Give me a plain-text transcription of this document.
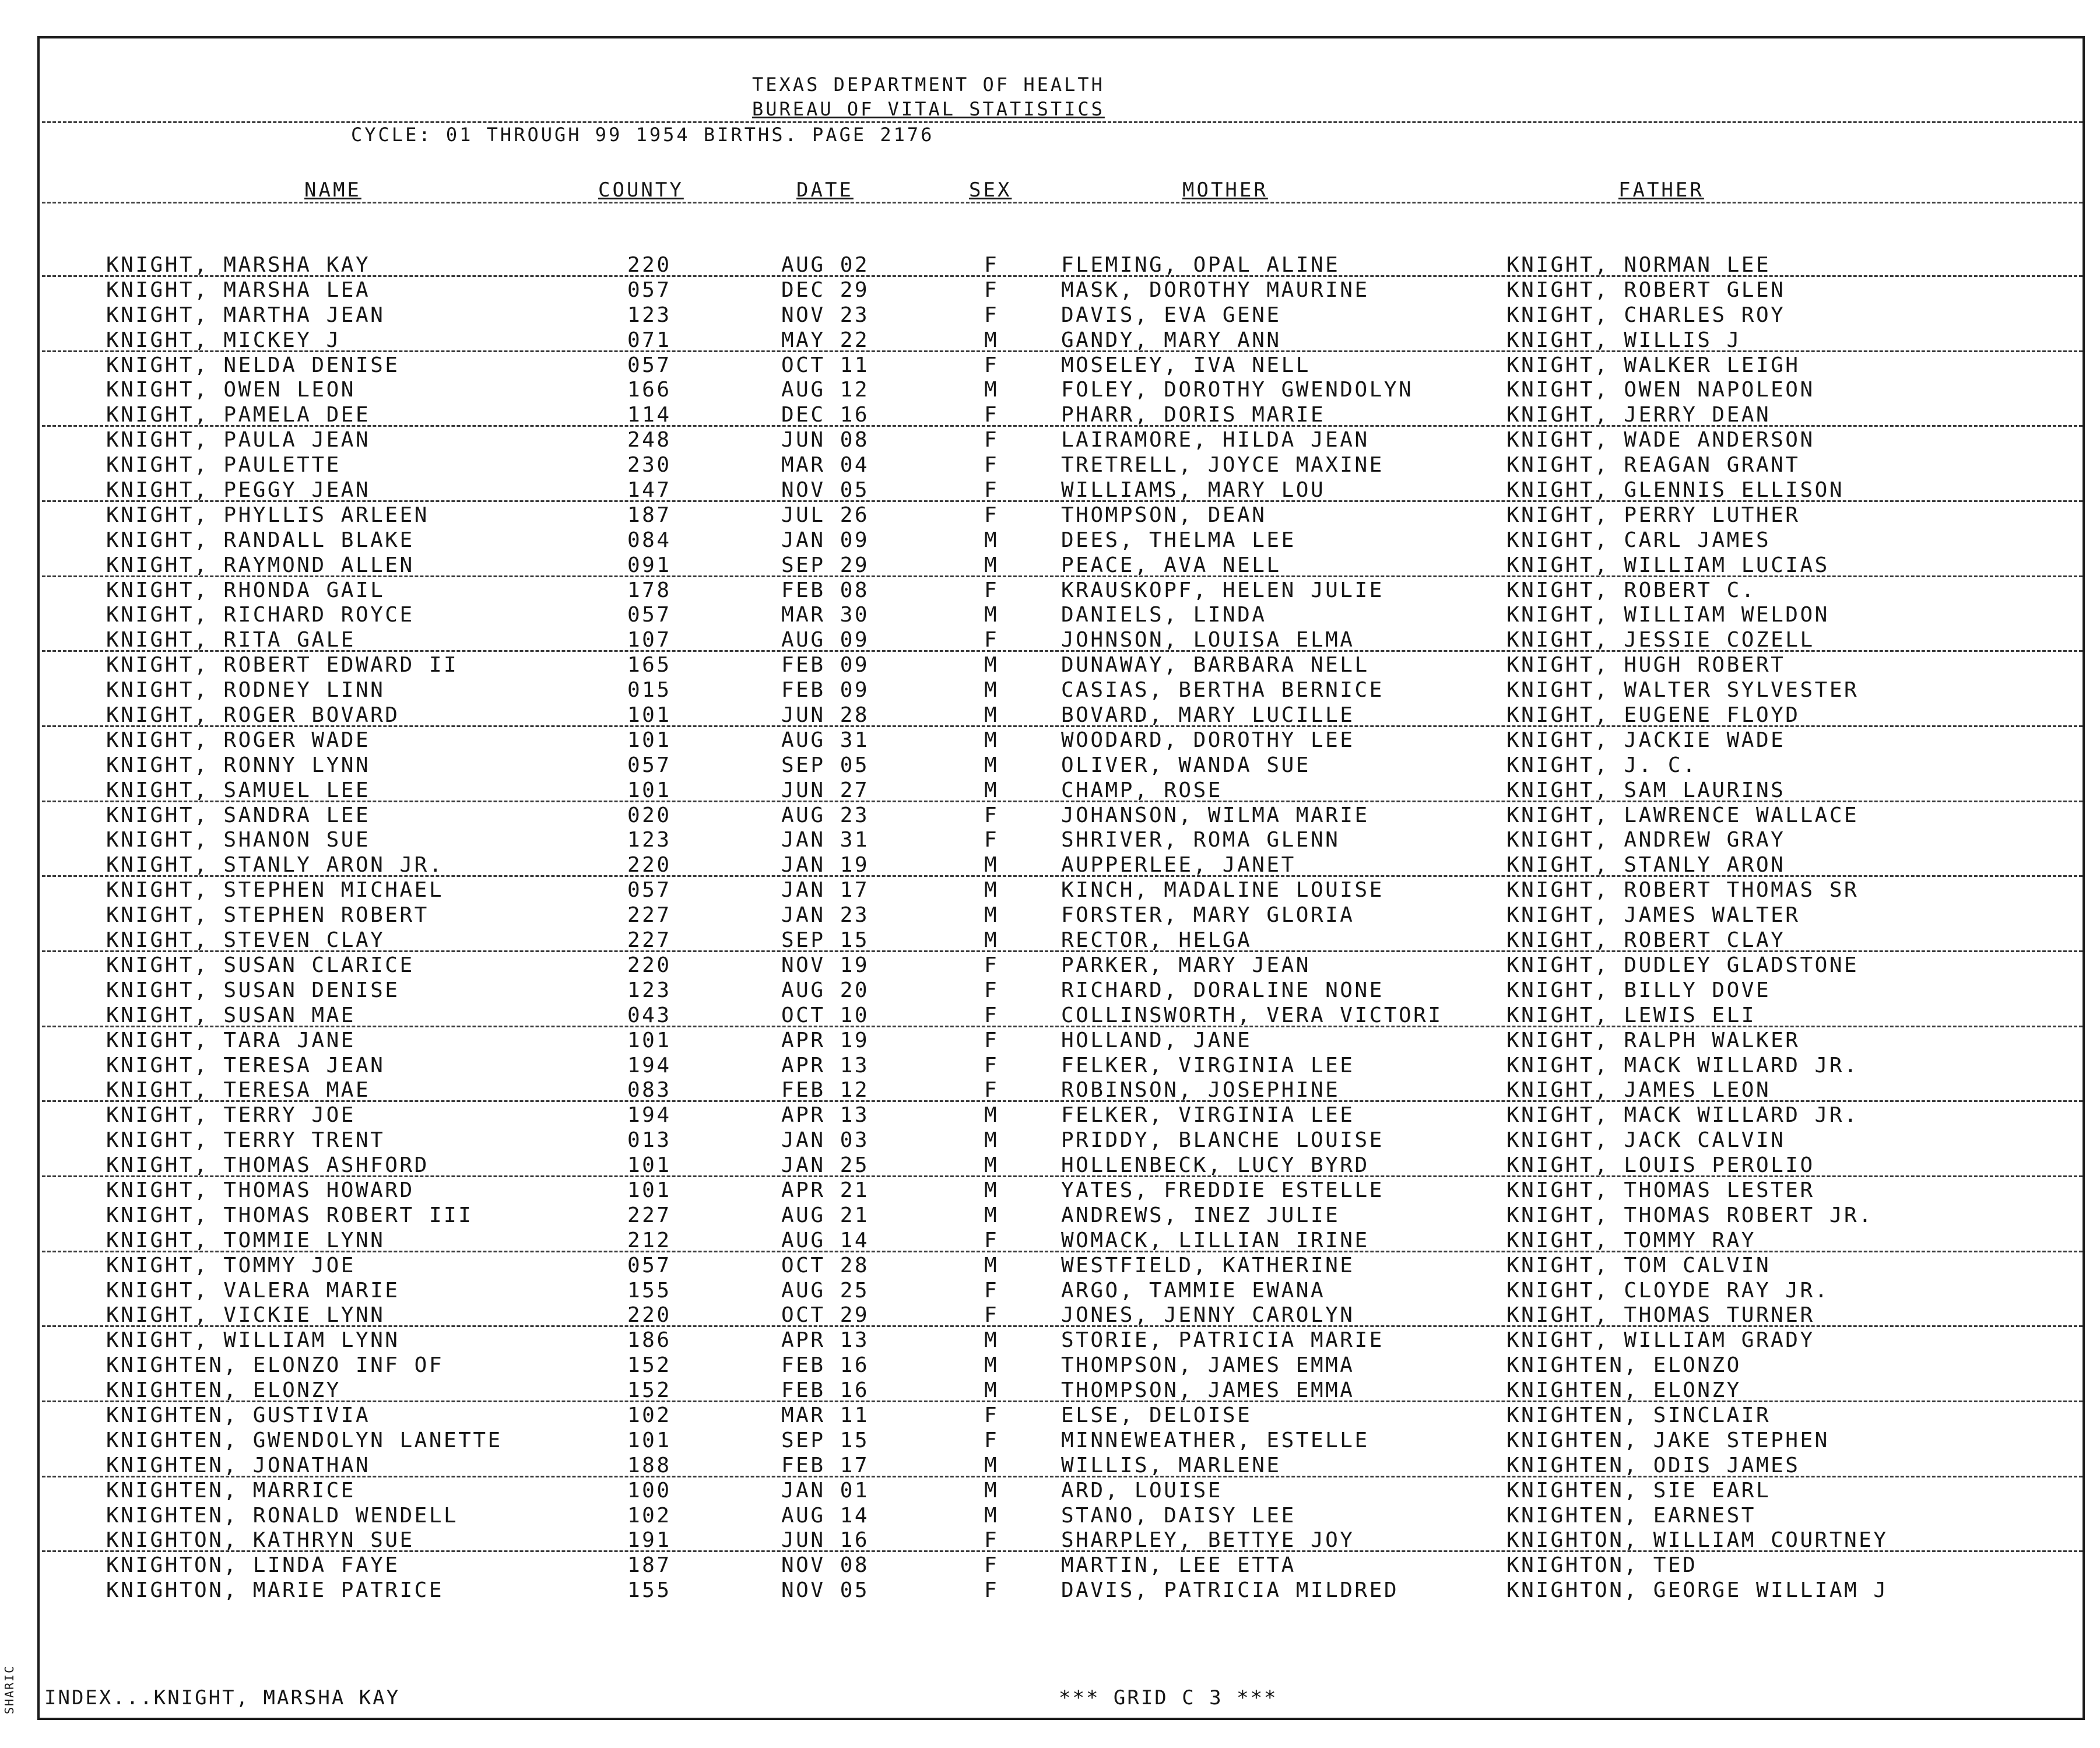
TEXAS DEPARTMENT OF HEALTH
BUREAU OF VITAL STATISTICS
CYCLE: 01 THROUGH 99 1954 BIRTHS. PAGE 2176
NAME	COUNTY	DATE	SEX	MOTHER	FATHER
KNIGHT, MARSHA KAY	220	AUG 02	F	FLEMING, OPAL ALINE	KNIGHT, NORMAN LEE
KNIGHT, MARSHA LEA	057	DEC 29	F	MASK, DOROTHY MAURINE	KNIGHT, ROBERT GLEN
KNIGHT, MARTHA JEAN	123	NOV 23	F	DAVIS, EVA GENE	KNIGHT, CHARLES ROY
KNIGHT, MICKEY J	071	MAY 22	M	GANDY, MARY ANN	KNIGHT, WILLIS J
KNIGHT, NELDA DENISE	057	OCT 11	F	MOSELEY, IVA NELL	KNIGHT, WALKER LEIGH
KNIGHT, OWEN LEON	166	AUG 12	M	FOLEY, DOROTHY GWENDOLYN	KNIGHT, OWEN NAPOLEON
KNIGHT, PAMELA DEE	114	DEC 16	F	PHARR, DORIS MARIE	KNIGHT, JERRY DEAN
KNIGHT, PAULA JEAN	248	JUN 08	F	LAIRAMORE, HILDA JEAN	KNIGHT, WADE ANDERSON
KNIGHT, PAULETTE	230	MAR 04	F	TRETRELL, JOYCE MAXINE	KNIGHT, REAGAN GRANT
KNIGHT, PEGGY JEAN	147	NOV 05	F	WILLIAMS, MARY LOU	KNIGHT, GLENNIS ELLISON
KNIGHT, PHYLLIS ARLEEN	187	JUL 26	F	THOMPSON, DEAN	KNIGHT, PERRY LUTHER
KNIGHT, RANDALL BLAKE	084	JAN 09	M	DEES, THELMA LEE	KNIGHT, CARL JAMES
KNIGHT, RAYMOND ALLEN	091	SEP 29	M	PEACE, AVA NELL	KNIGHT, WILLIAM LUCIAS
KNIGHT, RHONDA GAIL	178	FEB 08	F	KRAUSKOPF, HELEN JULIE	KNIGHT, ROBERT C.
KNIGHT, RICHARD ROYCE	057	MAR 30	M	DANIELS, LINDA	KNIGHT, WILLIAM WELDON
KNIGHT, RITA GALE	107	AUG 09	F	JOHNSON, LOUISA ELMA	KNIGHT, JESSIE COZELL
KNIGHT, ROBERT EDWARD II	165	FEB 09	M	DUNAWAY, BARBARA NELL	KNIGHT, HUGH ROBERT
KNIGHT, RODNEY LINN	015	FEB 09	M	CASIAS, BERTHA BERNICE	KNIGHT, WALTER SYLVESTER
KNIGHT, ROGER BOVARD	101	JUN 28	M	BOVARD, MARY LUCILLE	KNIGHT, EUGENE FLOYD
KNIGHT, ROGER WADE	101	AUG 31	M	WOODARD, DOROTHY LEE	KNIGHT, JACKIE WADE
KNIGHT, RONNY LYNN	057	SEP 05	M	OLIVER, WANDA SUE	KNIGHT, J. C.
KNIGHT, SAMUEL LEE	101	JUN 27	M	CHAMP, ROSE	KNIGHT, SAM LAURINS
KNIGHT, SANDRA LEE	020	AUG 23	F	JOHANSON, WILMA MARIE	KNIGHT, LAWRENCE WALLACE
KNIGHT, SHANON SUE	123	JAN 31	F	SHRIVER, ROMA GLENN	KNIGHT, ANDREW GRAY
KNIGHT, STANLY ARON JR.	220	JAN 19	M	AUPPERLEE, JANET	KNIGHT, STANLY ARON
KNIGHT, STEPHEN MICHAEL	057	JAN 17	M	KINCH, MADALINE LOUISE	KNIGHT, ROBERT THOMAS SR
KNIGHT, STEPHEN ROBERT	227	JAN 23	M	FORSTER, MARY GLORIA	KNIGHT, JAMES WALTER
KNIGHT, STEVEN CLAY	227	SEP 15	M	RECTOR, HELGA	KNIGHT, ROBERT CLAY
KNIGHT, SUSAN CLARICE	220	NOV 19	F	PARKER, MARY JEAN	KNIGHT, DUDLEY GLADSTONE
KNIGHT, SUSAN DENISE	123	AUG 20	F	RICHARD, DORALINE NONE	KNIGHT, BILLY DOVE
KNIGHT, SUSAN MAE	043	OCT 10	F	COLLINSWORTH, VERA VICTORI	KNIGHT, LEWIS ELI
KNIGHT, TARA JANE	101	APR 19	F	HOLLAND, JANE	KNIGHT, RALPH WALKER
KNIGHT, TERESA JEAN	194	APR 13	F	FELKER, VIRGINIA LEE	KNIGHT, MACK WILLARD JR.
KNIGHT, TERESA MAE	083	FEB 12	F	ROBINSON, JOSEPHINE	KNIGHT, JAMES LEON
KNIGHT, TERRY JOE	194	APR 13	M	FELKER, VIRGINIA LEE	KNIGHT, MACK WILLARD JR.
KNIGHT, TERRY TRENT	013	JAN 03	M	PRIDDY, BLANCHE LOUISE	KNIGHT, JACK CALVIN
KNIGHT, THOMAS ASHFORD	101	JAN 25	M	HOLLENBECK, LUCY BYRD	KNIGHT, LOUIS PEROLIO
KNIGHT, THOMAS HOWARD	101	APR 21	M	YATES, FREDDIE ESTELLE	KNIGHT, THOMAS LESTER
KNIGHT, THOMAS ROBERT III	227	AUG 21	M	ANDREWS, INEZ JULIE	KNIGHT, THOMAS ROBERT JR.
KNIGHT, TOMMIE LYNN	212	AUG 14	F	WOMACK, LILLIAN IRINE	KNIGHT, TOMMY RAY
KNIGHT, TOMMY JOE	057	OCT 28	M	WESTFIELD, KATHERINE	KNIGHT, TOM CALVIN
KNIGHT, VALERA MARIE	155	AUG 25	F	ARGO, TAMMIE EWANA	KNIGHT, CLOYDE RAY JR.
KNIGHT, VICKIE LYNN	220	OCT 29	F	JONES, JENNY CAROLYN	KNIGHT, THOMAS TURNER
KNIGHT, WILLIAM LYNN	186	APR 13	M	STORIE, PATRICIA MARIE	KNIGHT, WILLIAM GRADY
KNIGHTEN, ELONZO INF OF	152	FEB 16	M	THOMPSON, JAMES EMMA	KNIGHTEN, ELONZO
KNIGHTEN, ELONZY	152	FEB 16	M	THOMPSON, JAMES EMMA	KNIGHTEN, ELONZY
KNIGHTEN, GUSTIVIA	102	MAR 11	F	ELSE, DELOISE	KNIGHTEN, SINCLAIR
KNIGHTEN, GWENDOLYN LANETTE	101	SEP 15	F	MINNEWEATHER, ESTELLE	KNIGHTEN, JAKE STEPHEN
KNIGHTEN, JONATHAN	188	FEB 17	M	WILLIS, MARLENE	KNIGHTEN, ODIS JAMES
KNIGHTEN, MARRICE	100	JAN 01	M	ARD, LOUISE	KNIGHTEN, SIE EARL
KNIGHTEN, RONALD WENDELL	102	AUG 14	M	STANO, DAISY LEE	KNIGHTEN, EARNEST
KNIGHTON, KATHRYN SUE	191	JUN 16	F	SHARPLEY, BETTYE JOY	KNIGHTON, WILLIAM COURTNEY
KNIGHTON, LINDA FAYE	187	NOV 08	F	MARTIN, LEE ETTA	KNIGHTON, TED
KNIGHTON, MARIE PATRICE	155	NOV 05	F	DAVIS, PATRICIA MILDRED	KNIGHTON, GEORGE WILLIAM J
INDEX...KNIGHT, MARSHA KAY	*** GRID C 3 ***
SHARIC
